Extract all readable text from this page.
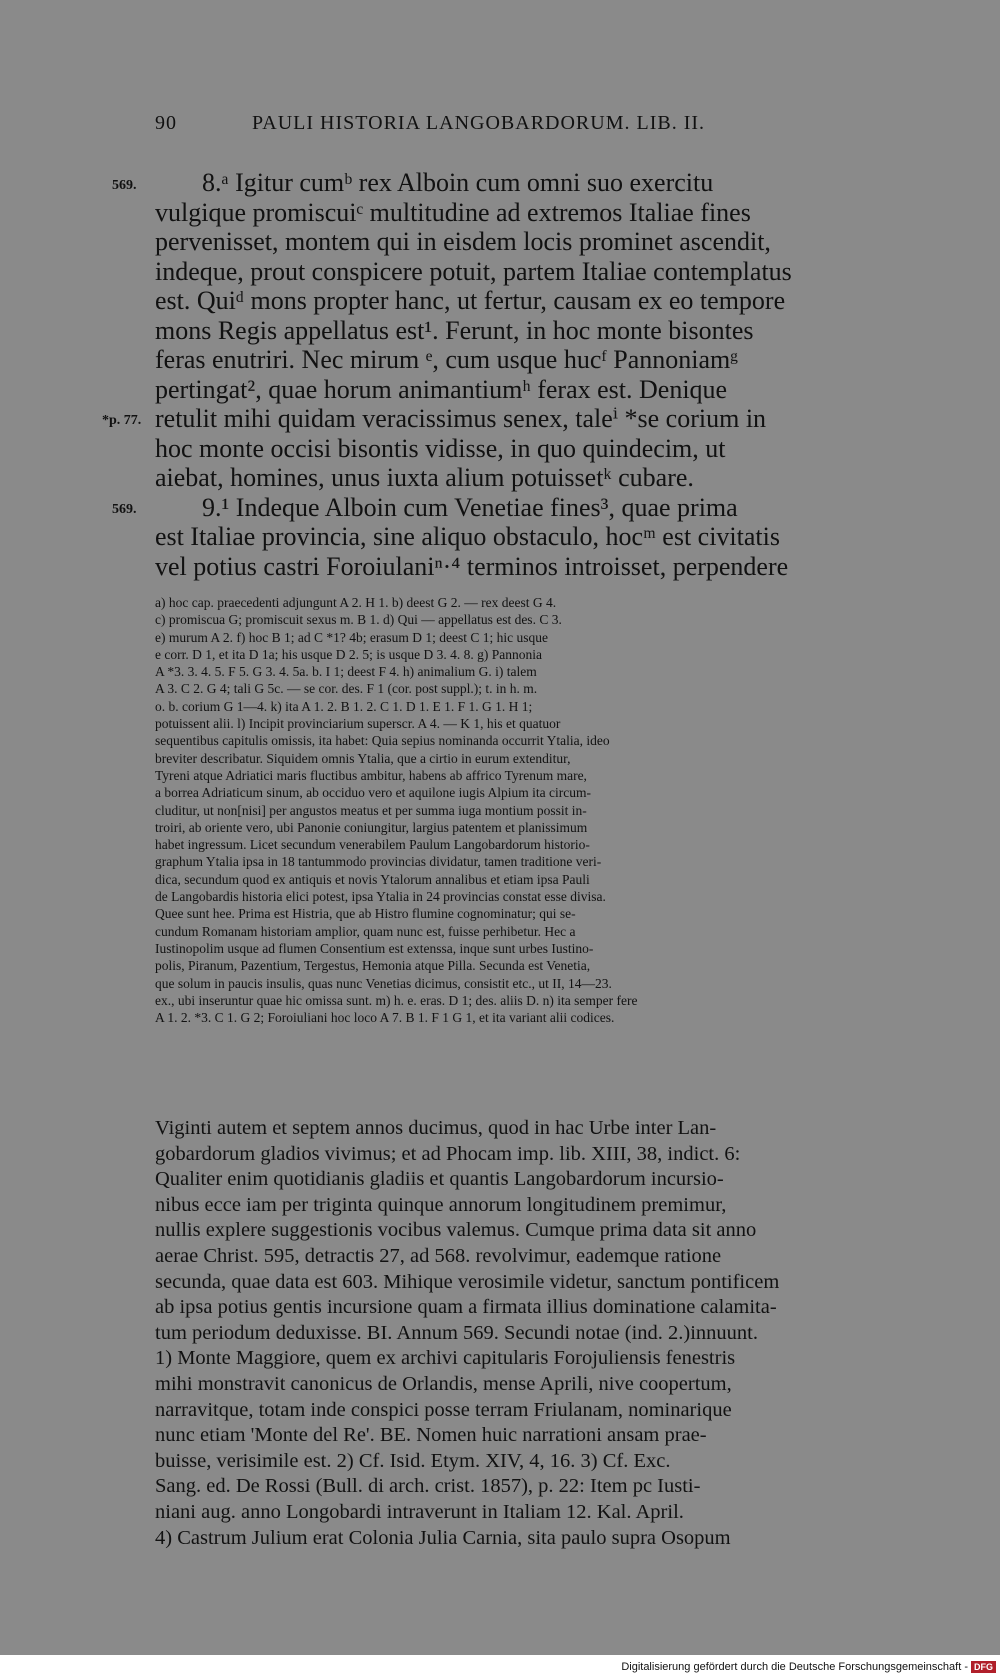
90	PAULI HISTORIA LANGOBARDORUM. LIB. II.
569.
*p. 77.
569.
8.ᵃ Igitur cumᵇ rex Alboin cum omni suo exercitu
vulgique promiscuiᶜ multitudine ad extremos Italiae fines
pervenisset, montem qui in eisdem locis prominet ascendit,
indeque, prout conspicere potuit, partem Italiae contemplatus
est. Quiᵈ mons propter hanc, ut fertur, causam ex eo tempore
mons Regis appellatus est¹. Ferunt, in hoc monte bisontes
feras enutriri. Nec mirum ᵉ, cum usque hucᶠ Pannoniamᵍ
pertingat², quae horum animantiumʰ ferax est. Denique
retulit mihi quidam veracissimus senex, taleⁱ *se corium in
hoc monte occisi bisontis vidisse, in quo quindecim, ut
aiebat, homines, unus iuxta alium potuissetᵏ cubare.
9.¹ Indeque Alboin cum Venetiae fines³, quae prima
est Italiae provincia, sine aliquo obstaculo, hocᵐ est civitatis
vel potius castri Foroiulaniⁿ·⁴ terminos introisset, perpendere
a) hoc cap. praecedenti adjungunt A 2. H 1. b) deest G 2. — rex deest G 4.
c) promiscua G; promiscuit sexus m. B 1. d) Qui — appellatus est des. C 3.
e) murum A 2. f) hoc B 1; ad C *1? 4b; erasum D 1; deest C 1; hic usque
e corr. D 1, et ita D 1a; his usque D 2. 5; is usque D 3. 4. 8. g) Pannonia
A *3. 3. 4. 5. F 5. G 3. 4. 5a. b. I 1; deest F 4. h) animalium G. i) talem
A 3. C 2. G 4; tali G 5c. — se cor. des. F 1 (cor. post suppl.); t. in h. m.
o. b. corium G 1—4. k) ita A 1. 2. B 1. 2. C 1. D 1. E 1. F 1. G 1. H 1;
potuissent alii. l) Incipit provinciarium superscr. A 4. — K 1, his et quatuor
sequentibus capitulis omissis, ita habet: Quia sepius nominanda occurrit Ytalia, ideo
breviter describatur. Siquidem omnis Ytalia, que a cirtio in eurum extenditur,
Tyreni atque Adriatici maris fluctibus ambitur, habens ab affrico Tyrenum mare,
a borrea Adriaticum sinum, ab occiduo vero et aquilone iugis Alpium ita circum-
cluditur, ut non[nisi] per angustos meatus et per summa iuga montium possit in-
troiri, ab oriente vero, ubi Panonie coniungitur, largius patentem et planissimum
habet ingressum. Licet secundum venerabilem Paulum Langobardorum historio-
graphum Ytalia ipsa in 18 tantummodo provincias dividatur, tamen traditione veri-
dica, secundum quod ex antiquis et novis Ytalorum annalibus et etiam ipsa Pauli
de Langobardis historia elici potest, ipsa Ytalia in 24 provincias constat esse divisa.
Quee sunt hee. Prima est Histria, que ab Histro flumine cognominatur; qui se-
cundum Romanam historiam amplior, quam nunc est, fuisse perhibetur. Hec a
Iustinopolim usque ad flumen Consentium est extenssa, inque sunt urbes Iustino-
polis, Piranum, Pazentium, Tergestus, Hemonia atque Pilla. Secunda est Venetia,
que solum in paucis insulis, quas nunc Venetias dicimus, consistit etc., ut II, 14—23.
ex., ubi inseruntur quae hic omissa sunt. m) h. e. eras. D 1; des. aliis D. n) ita semper fere
A 1. 2. *3. C 1. G 2; Foroiuliani hoc loco A 7. B 1. F 1 G 1, et ita variant alii codices.
Viginti autem et septem annos ducimus, quod in hac Urbe inter Lan-
gobardorum gladios vivimus; et ad Phocam imp. lib. XIII, 38, indict. 6:
Qualiter enim quotidianis gladiis et quantis Langobardorum incursio-
nibus ecce iam per triginta quinque annorum longitudinem premimur,
nullis explere suggestionis vocibus valemus. Cumque prima data sit anno
aerae Christ. 595, detractis 27, ad 568. revolvimur, eademque ratione
secunda, quae data est 603. Mihique verosimile videtur, sanctum pontificem
ab ipsa potius gentis incursione quam a firmata illius dominatione calamita-
tum periodum deduxisse. BI. Annum 569. Secundi notae (ind. 2.)innuunt.
1) Monte Maggiore, quem ex archivi capitularis Forojuliensis fenestris
mihi monstravit canonicus de Orlandis, mense Aprili, nive coopertum,
narravitque, totam inde conspici posse terram Friulanam, nominarique
nunc etiam 'Monte del Re'. BE. Nomen huic narrationi ansam prae-
buisse, verisimile est. 2) Cf. Isid. Etym. XIV, 4, 16. 3) Cf. Exc.
Sang. ed. De Rossi (Bull. di arch. crist. 1857), p. 22: Item pc Iusti-
niani aug. anno Longobardi intraverunt in Italiam 12. Kal. April.
4) Castrum Julium erat Colonia Julia Carnia, sita paulo supra Osopum
Digitalisierung gefördert durch die Deutsche Forschungsgemeinschaft - DFG
